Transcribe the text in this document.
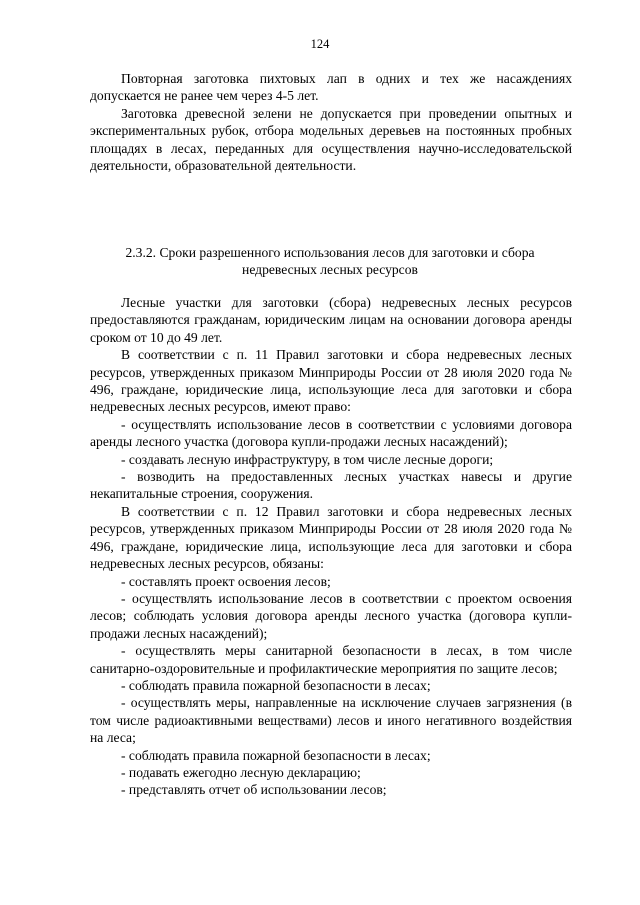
124

Повторная заготовка пихтовых лап в одних и тех же насаждениях допускается не ранее чем через 4-5 лет.

Заготовка древесной зелени не допускается при проведении опытных и экспериментальных рубок, отбора модельных деревьев на постоянных пробных площадях в лесах, переданных для осуществления научно-исследовательской деятельности, образовательной деятельности.

2.3.2. Сроки разрешенного использования лесов для заготовки и сбора
недревесных лесных ресурсов

Лесные участки для заготовки (сбора) недревесных лесных ресурсов предоставляются гражданам, юридическим лицам на основании договора аренды сроком от 10 до 49 лет.

В соответствии с п. 11 Правил заготовки и сбора недревесных лесных ресурсов, утвержденных приказом Минприроды России от 28 июля 2020 года № 496, граждане, юридические лица, использующие леса для заготовки и сбора недревесных лесных ресурсов, имеют право:

- осуществлять использование лесов в соответствии с условиями договора аренды лесного участка (договора купли-продажи лесных насаждений);

- создавать лесную инфраструктуру, в том числе лесные дороги;

- возводить на предоставленных лесных участках навесы и другие некапитальные строения, сооружения.

В соответствии с п. 12 Правил заготовки и сбора недревесных лесных ресурсов, утвержденных приказом Минприроды России от 28 июля 2020 года № 496, граждане, юридические лица, использующие леса для заготовки и сбора недревесных лесных ресурсов, обязаны:

- составлять проект освоения лесов;

- осуществлять использование лесов в соответствии с проектом освоения лесов; соблюдать условия договора аренды лесного участка (договора купли-продажи лесных насаждений);

- осуществлять меры санитарной безопасности в лесах, в том числе санитарно-оздоровительные и профилактические мероприятия по защите лесов;

- соблюдать правила пожарной безопасности в лесах;

- осуществлять меры, направленные на исключение случаев загрязнения (в том числе радиоактивными веществами) лесов и иного негативного воздействия на леса;

- соблюдать правила пожарной безопасности в лесах;

- подавать ежегодно лесную декларацию;

- представлять отчет об использовании лесов;
